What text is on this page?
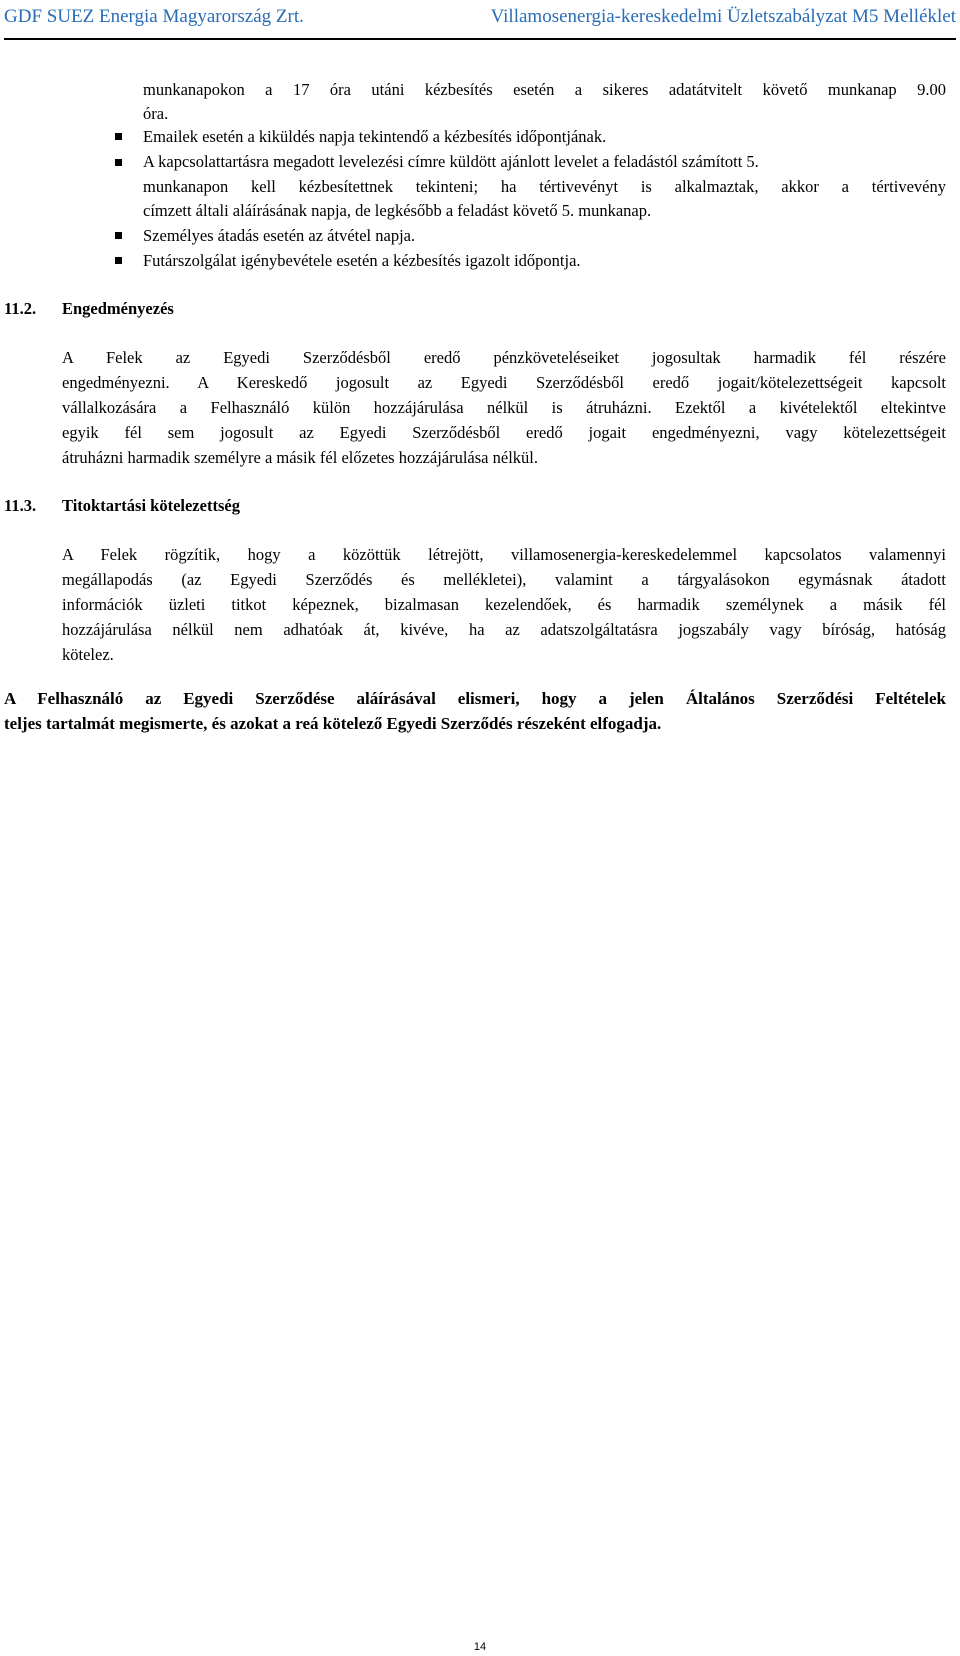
GDF SUEZ Energia Magyarország Zrt.	Villamosenergia-kereskedelmi Üzletszabályzat M5 Melléklet
munkanapokon a 17 óra utáni kézbesítés esetén a sikeres adatátvitelt követő munkanap 9.00
óra.
Emailek esetén a kiküldés napja tekintendő a kézbesítés időpontjának.
A kapcsolattartásra megadott levelezési címre küldött ajánlott levelet a feladástól számított 5.
munkanapon kell kézbesítettnek tekinteni; ha tértivevényt is alkalmaztak, akkor a tértivevény
címzett általi aláírásának napja, de legkésőbb a feladást követő 5. munkanap.
Személyes átadás esetén az átvétel napja.
Futárszolgálat igénybevétele esetén a kézbesítés igazolt időpontja.
11.2. Engedményezés
A Felek az Egyedi Szerződésből eredő pénzköveteléseiket jogosultak harmadik fél részére
engedményezni. A Kereskedő jogosult az Egyedi Szerződésből eredő jogait/kötelezettségeit kapcsolt
vállalkozására a Felhasználó külön hozzájárulása nélkül is átruházni. Ezektől a kivételektől eltekintve
egyik fél sem jogosult az Egyedi Szerződésből eredő jogait engedményezni, vagy kötelezettségeit
átruházni harmadik személyre a másik fél előzetes hozzájárulása nélkül.
11.3. Titoktartási kötelezettség
A Felek rögzítik, hogy a közöttük létrejött, villamosenergia-kereskedelemmel kapcsolatos valamennyi
megállapodás (az Egyedi Szerződés és mellékletei), valamint a tárgyalásokon egymásnak átadott
információk üzleti titkot képeznek, bizalmasan kezelendőek, és harmadik személynek a másik fél
hozzájárulása nélkül nem adhatóak át, kivéve, ha az adatszolgáltatásra jogszabály vagy bíróság, hatóság
kötelez.
A Felhasználó az Egyedi Szerződése aláírásával elismeri, hogy a jelen Általános Szerződési Feltételek
teljes tartalmát megismerte, és azokat a reá kötelező Egyedi Szerződés részeként elfogadja.
14
